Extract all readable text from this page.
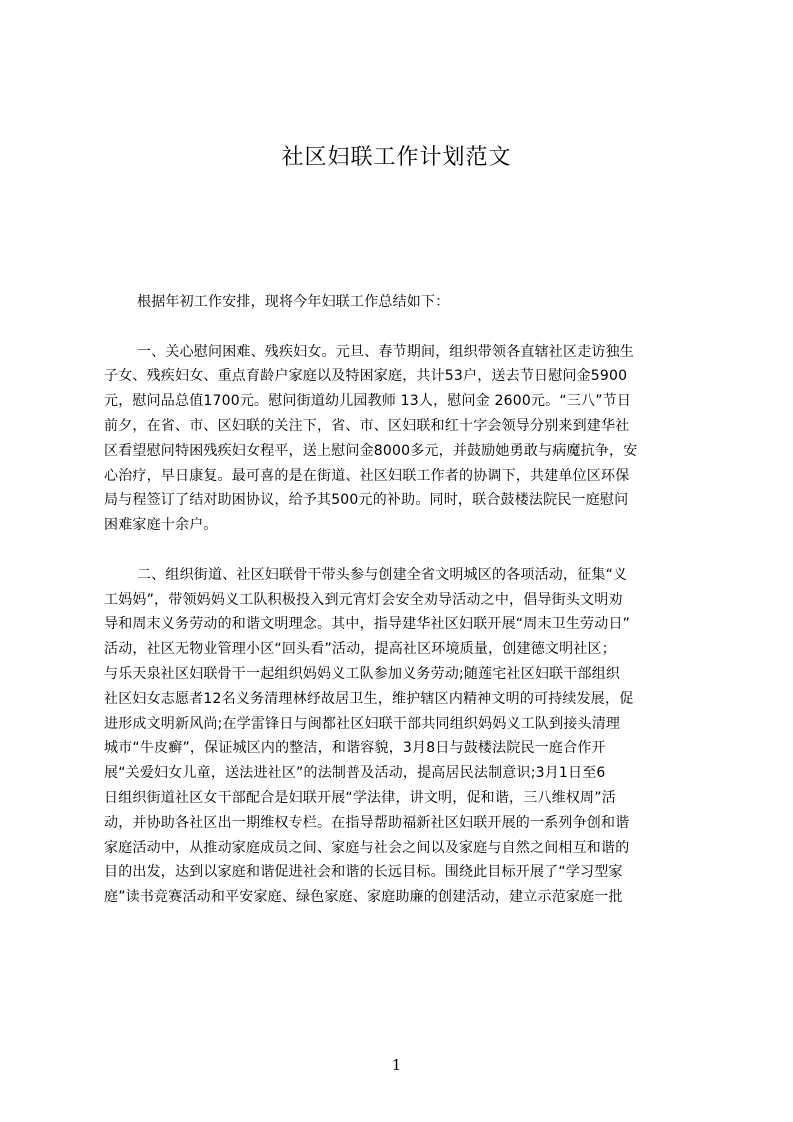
社区妇联工作计划范文
根据年初工作安排，现将今年妇联工作总结如下：
一、关心慰问困难、残疾妇女。元旦、春节期间，组织带领各直辖社区走访独生
子女、残疾妇女、重点育龄户家庭以及特困家庭，共计53户，送去节日慰问金5900
元，慰问品总值1700元。慰问街道幼儿园教师 13人，慰问金 2600元。“三八”节日
前夕，在省、市、区妇联的关注下，省、市、区妇联和红十字会领导分别来到建华社
区看望慰问特困残疾妇女程平，送上慰问金8000多元，并鼓励她勇敢与病魔抗争，安
心治疗，早日康复。最可喜的是在街道、社区妇联工作者的协调下，共建单位区环保
局与程签订了结对助困协议，给予其500元的补助。同时，联合鼓楼法院民一庭慰问
困难家庭十余户。
二、组织街道、社区妇联骨干带头参与创建全省文明城区的各项活动，征集“义
工妈妈”，带领妈妈义工队积极投入到元宵灯会安全劝导活动之中，倡导街头文明劝
导和周末义务劳动的和谐文明理念。其中，指导建华社区妇联开展“周末卫生劳动日”
活动，社区无物业管理小区“回头看”活动，提高社区环境质量，创建德文明社区；
与乐天泉社区妇联骨干一起组织妈妈义工队参加义务劳动;随莲宅社区妇联干部组织
社区妇女志愿者12名义务清理林纾故居卫生，维护辖区内精神文明的可持续发展，促
进形成文明新风尚;在学雷锋日与闽都社区妇联干部共同组织妈妈义工队到接头清理
城市“牛皮癣”，保证城区内的整洁，和谐容貌，3月8日与鼓楼法院民一庭合作开
展“关爱妇女儿童，送法进社区”的法制普及活动，提高居民法制意识;3月1日至6
日组织街道社区女干部配合是妇联开展“学法律，讲文明，促和谐，三八维权周”活
动，并协助各社区出一期维权专栏。在指导帮助福新社区妇联开展的一系列争创和谐
家庭活动中，从推动家庭成员之间、家庭与社会之间以及家庭与自然之间相互和谐的
目的出发，达到以家庭和谐促进社会和谐的长远目标。围绕此目标开展了“学习型家
庭”读书竞赛活动和平安家庭、绿色家庭、家庭助廉的创建活动，建立示范家庭一批
1
